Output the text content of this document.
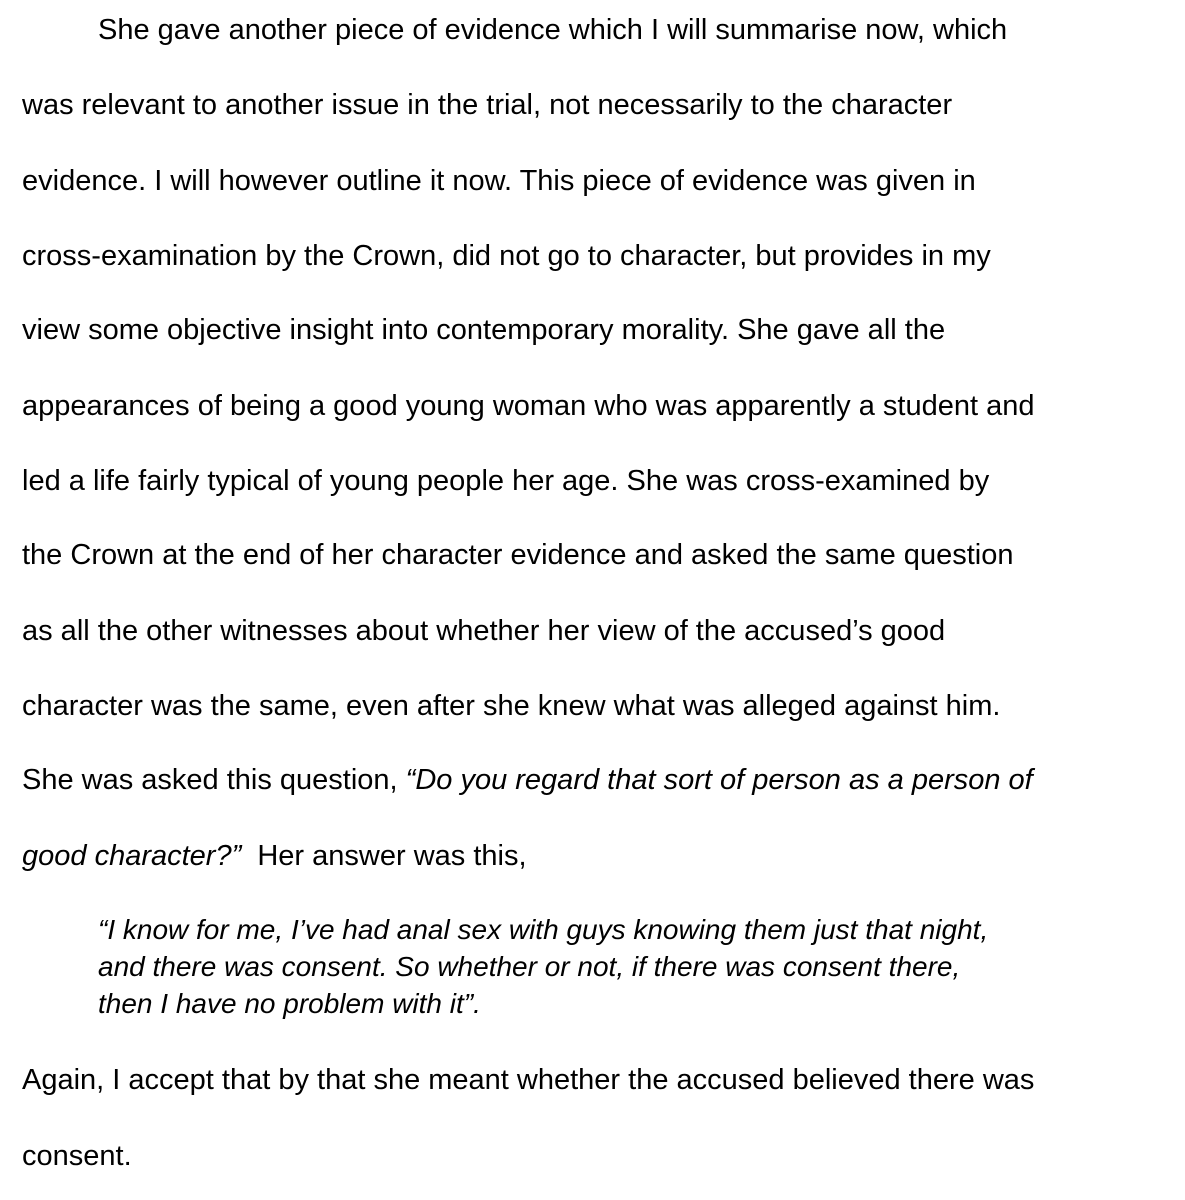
She gave another piece of evidence which I will summarise now, which
was relevant to another issue in the trial, not necessarily to the character
evidence. I will however outline it now. This piece of evidence was given in
cross-examination by the Crown, did not go to character, but provides in my
view some objective insight into contemporary morality. She gave all the
appearances of being a good young woman who was apparently a student and
led a life fairly typical of young people her age. She was cross-examined by
the Crown at the end of her character evidence and asked the same question
as all the other witnesses about whether her view of the accused’s good
character was the same, even after she knew what was alleged against him.
She was asked this question, “Do you regard that sort of person as a person of
good character?”  Her answer was this,
“I know for me, I’ve had anal sex with guys knowing them just that night,
and there was consent. So whether or not, if there was consent there,
then I have no problem with it”.
Again, I accept that by that she meant whether the accused believed there was
consent.
